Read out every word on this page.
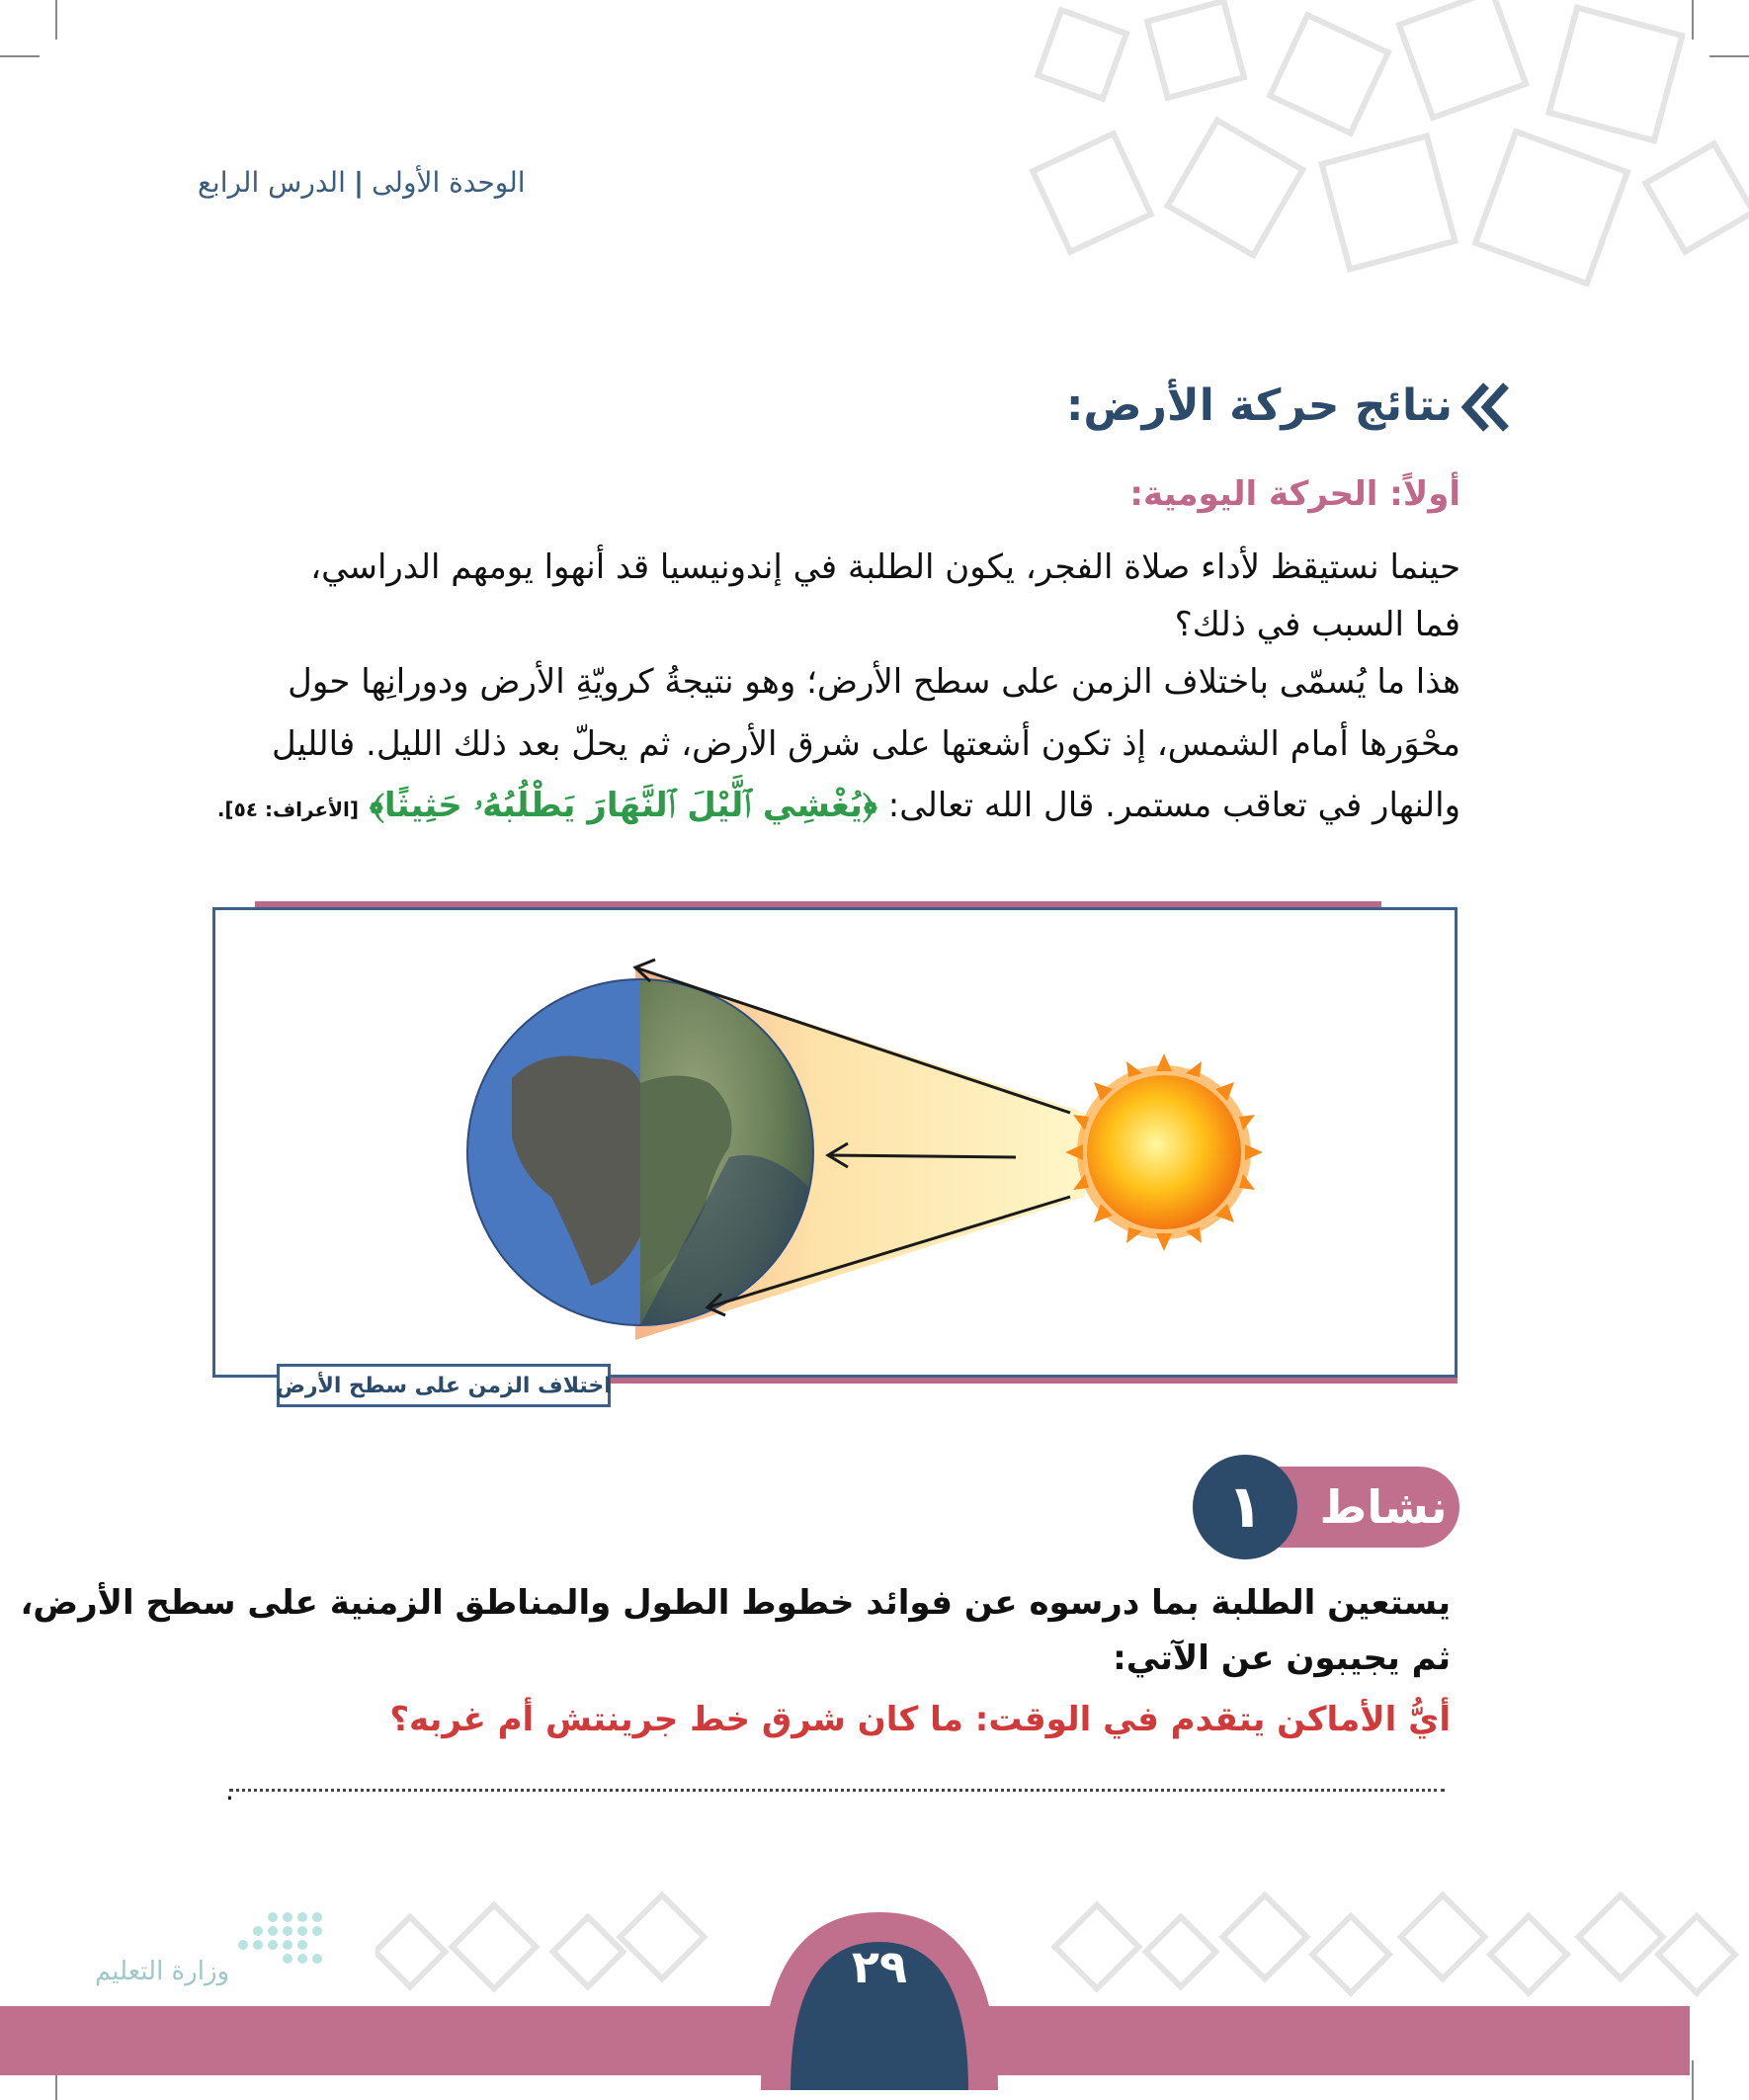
الوحدة الأولى|الدرس الرابع
نتائج حركة الأرض:
أولاً: الحركة اليومية:
حينما نستيقظ لأداء صلاة الفجر، يكون الطلبة في إندونيسيا قد أنهوا يومهم الدراسي،
فما السبب في ذلك؟
هذا ما يُسمّى باختلاف الزمن على سطح الأرض؛ وهو نتيجةُ كرويّةِ الأرض ودورانِها حول
محْوَرها أمام الشمس، إذ تكون أشعتها على شرق الأرض، ثم يحلّ بعد ذلك الليل. فالليل
والنهار في تعاقب مستمر. قال الله تعالى: ﴿يُغْشِي ٱلَّيْلَ ٱلنَّهَارَ يَطْلُبُهُۥ حَثِيثًا﴾ [الأعراف: ٥٤].
اختلاف الزمن على سطح الأرض
نشاط
١
يستعين الطلبة بما درسوه عن فوائد خطوط الطول والمناطق الزمنية على سطح الأرض،
ثم يجيبون عن الآتي:
أيُّ الأماكن يتقدم في الوقت: ما كان شرق خط جرينتش أم غربه؟
.
وزارة التعليم	٢٩
